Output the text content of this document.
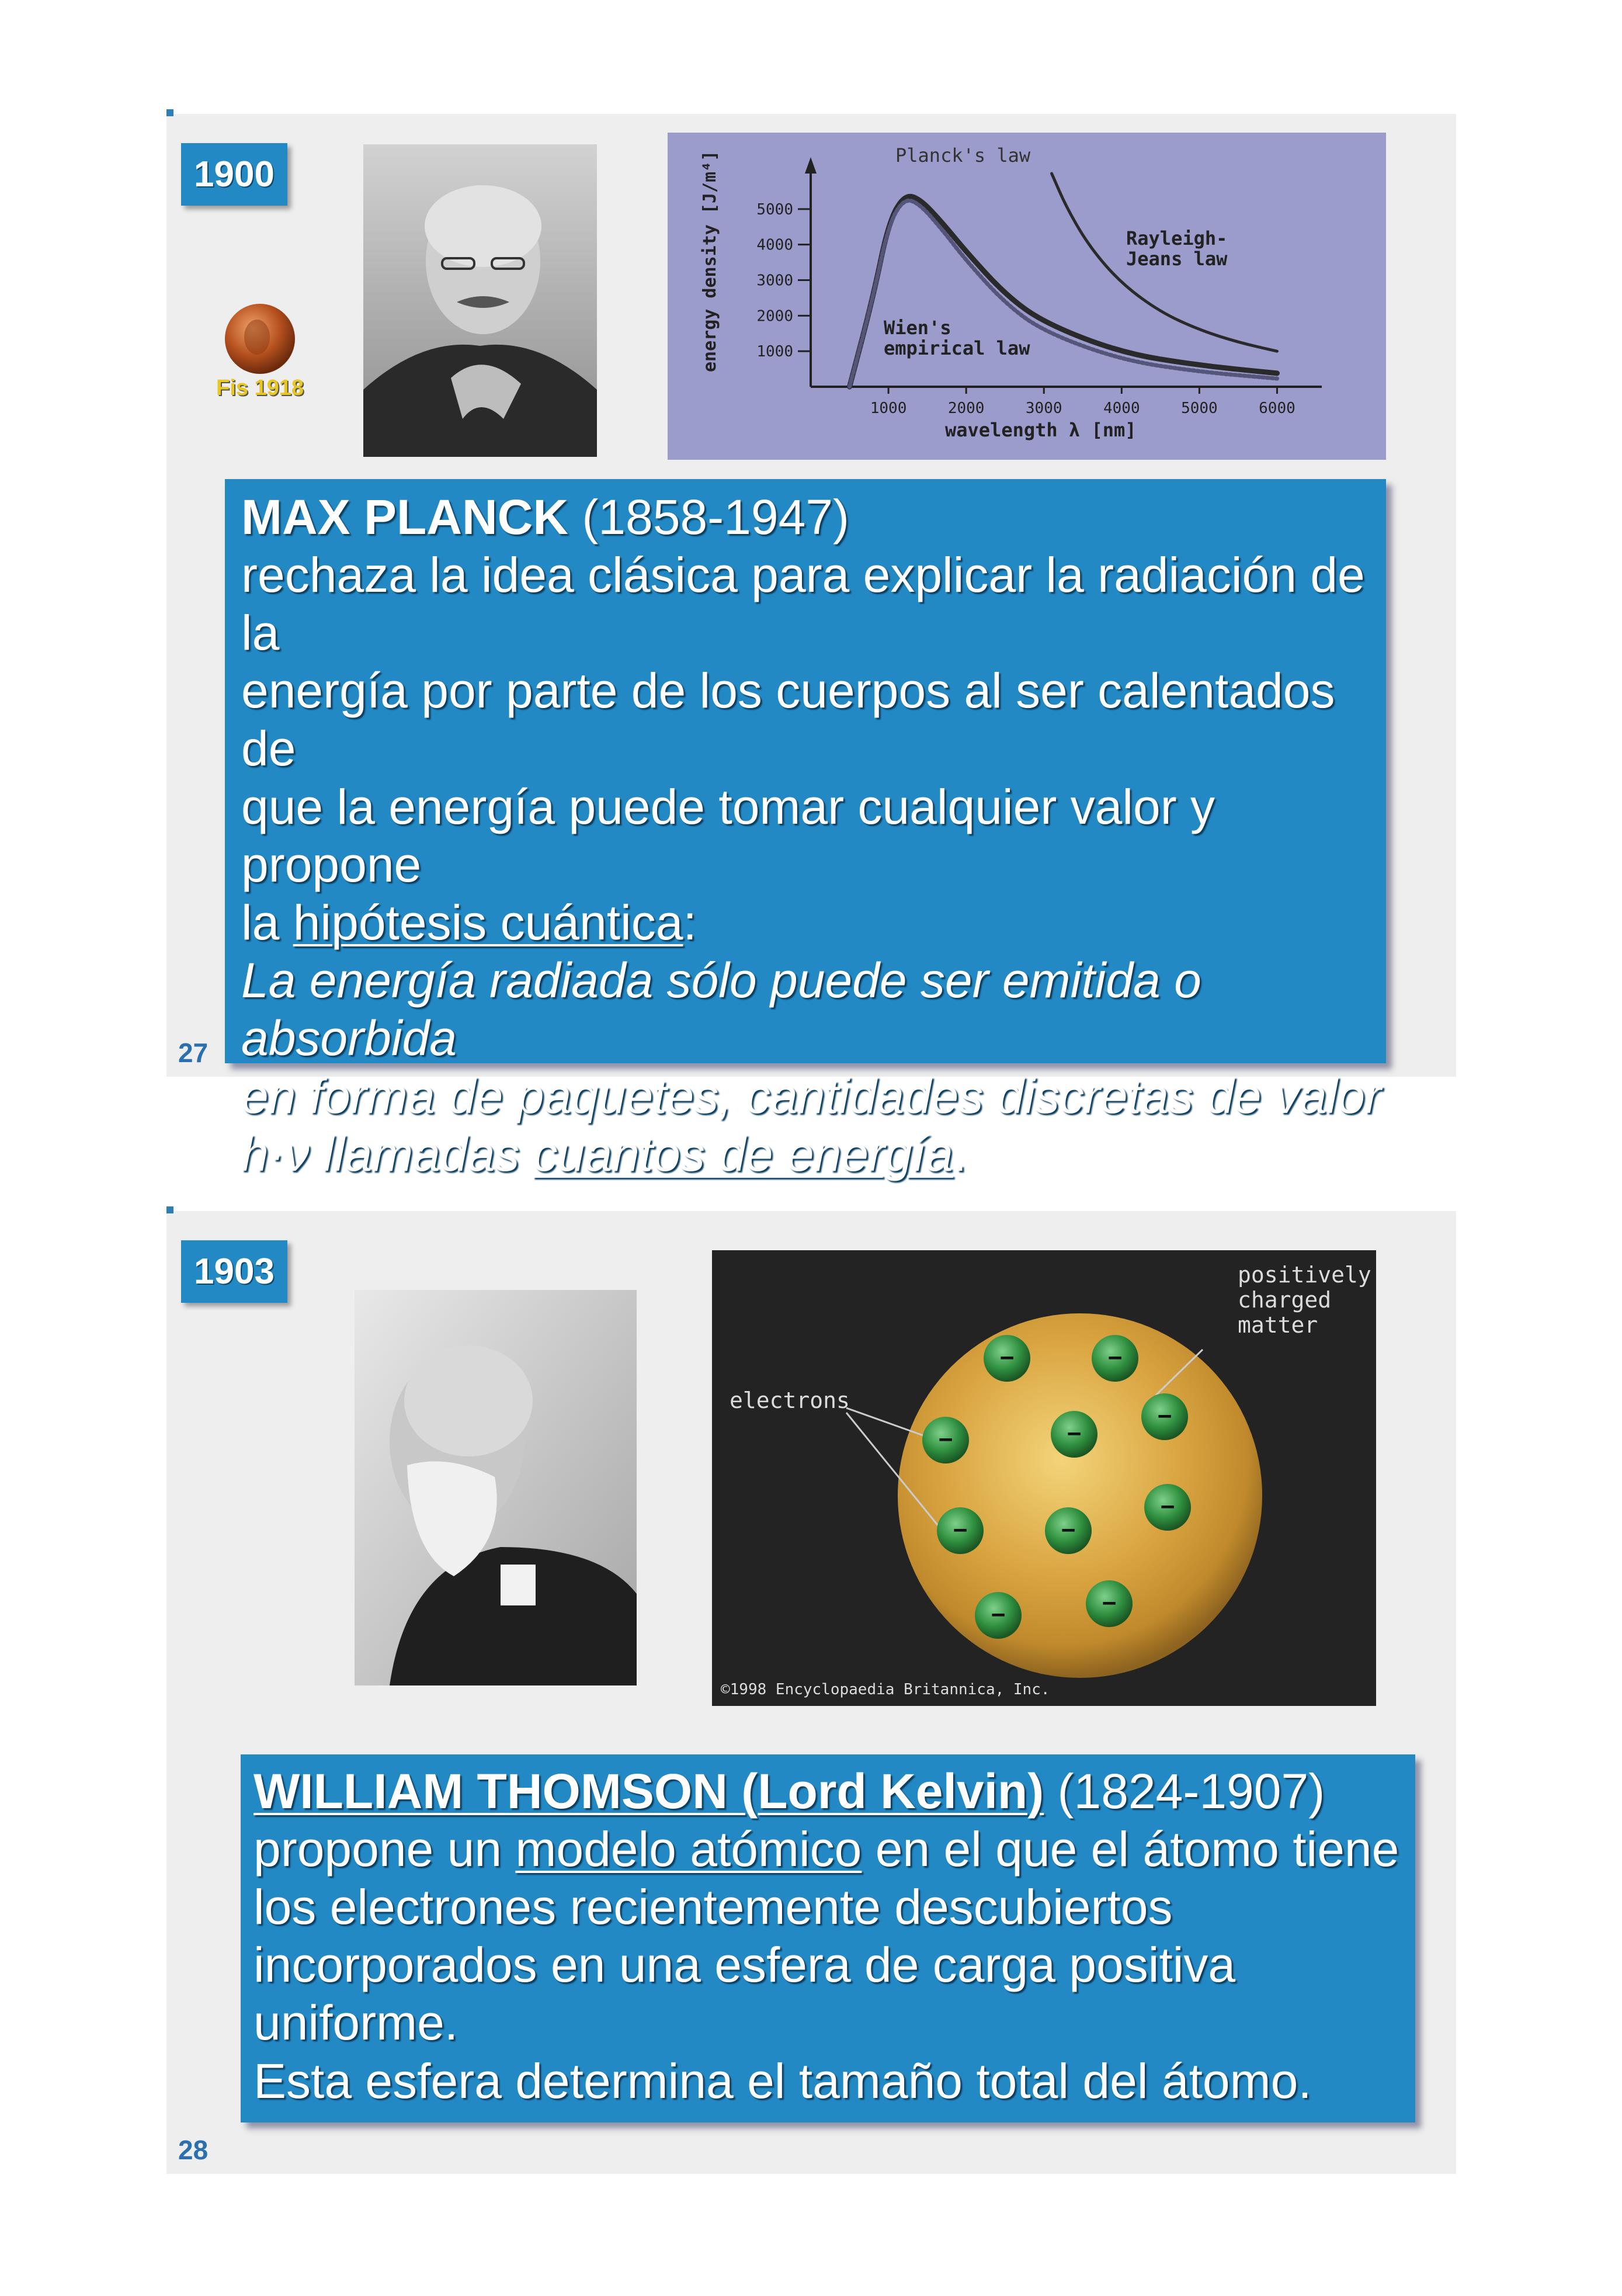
1900
Fis 1918
Planck's law
energy density [J/m⁴]
wavelength λ [nm]
Wien's
empirical law
Rayleigh-
Jeans law
1000
2000
3000
4000
5000
1000	2000	3000	4000	5000	6000
MAX PLANCK (1858-1947)
rechaza la idea clásica para explicar la radiación de la
energía por parte de los cuerpos al ser calentados de
que la energía puede tomar cualquier valor y propone
la hipótesis cuántica:
La energía radiada sólo puede ser emitida o absorbida
en forma de paquetes, cantidades discretas de valor
h·ν llamadas cuantos de energía.
27
1903	positively
charged
matter
electrons
©1998 Encyclopaedia Britannica, Inc.
−	−
−
−	−
−
−	−
−	−
WILLIAM THOMSON (Lord Kelvin) (1824-1907)
propone un modelo atómico en el que el átomo tiene
los electrones recientemente descubiertos
incorporados en una esfera de carga positiva uniforme.
Esta esfera determina el tamaño total del átomo.
28
